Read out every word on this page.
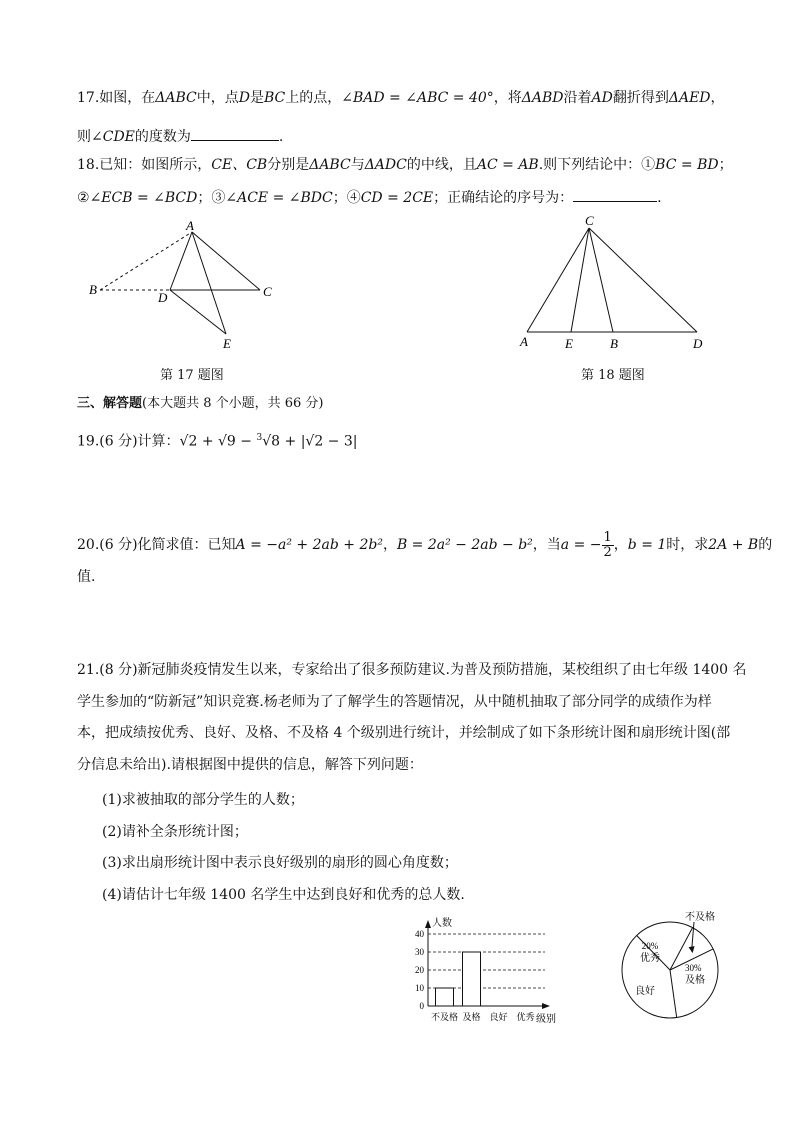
17.如图，在ΔABC中，点D是BC上的点，∠BAD = ∠ABC = 40°，将ΔABD沿着AD翻折得到ΔAED，
则∠CDE的度数为	.
18.已知：如图所示，CE、CB分别是ΔABC与ΔADC的中线，且AC = AB.则下列结论中：①BC = BD；
②∠ECB = ∠BCD；③∠ACE = ∠BDC；④CD = 2CE；正确结论的序号为：	.
A
B	C
D
E
第 17 题图
C
A	E	B	D
第 18 题图
三、解答题(本大题共 8 个小题，共 66 分)
19.(6 分)计算：√2 + √9 − $^3$√8 + |√2 − 3|
20.(6 分)化简求值：已知A = −a² + 2ab + 2b²，B = 2a² − 2ab − b²，当a = − $\frac{1}{2}$ ，b = 1时，求2A + B的
值.
21.(8 分)新冠肺炎疫情发生以来，专家给出了很多预防建议.为普及预防措施，某校组织了由七年级 1400 名
学生参加的“防新冠”知识竞赛.杨老师为了了解学生的答题情况，从中随机抽取了部分同学的成绩作为样
本，把成绩按优秀、良好、及格、不及格 4 个级别进行统计，并绘制成了如下条形统计图和扇形统计图(部
分信息未给出).请根据图中提供的信息，解答下列问题：
(1)求被抽取的部分学生的人数；
(2)请补全条形统计图；
(3)求出扇形统计图中表示良好级别的扇形的圆心角度数；
(4)请估计七年级 1400 名学生中达到良好和优秀的总人数.
0
10
20
30
40
人数
级别
不及格 及格 良好 优秀
不及格
及格
30%
良好
优秀
20%
